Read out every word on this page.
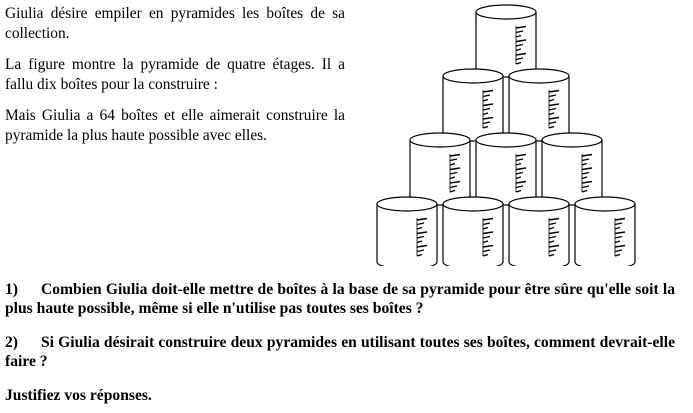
Giulia désire empiler en pyramides les boîtes de sa collection.

La figure montre la pyramide de quatre étages. Il a fallu dix boîtes pour la construire :

Mais Giulia a 64 boîtes et elle aimerait construire la pyramide la plus haute possible avec elles.

1) Combien Giulia doit-elle mettre de boîtes à la base de sa pyramide pour être sûre qu'elle soit la plus haute possible, même si elle n'utilise pas toutes ses boîtes ?

2) Si Giulia désirait construire deux pyramides en utilisant toutes ses boîtes, comment devrait-elle faire ?

Justifiez vos réponses.
